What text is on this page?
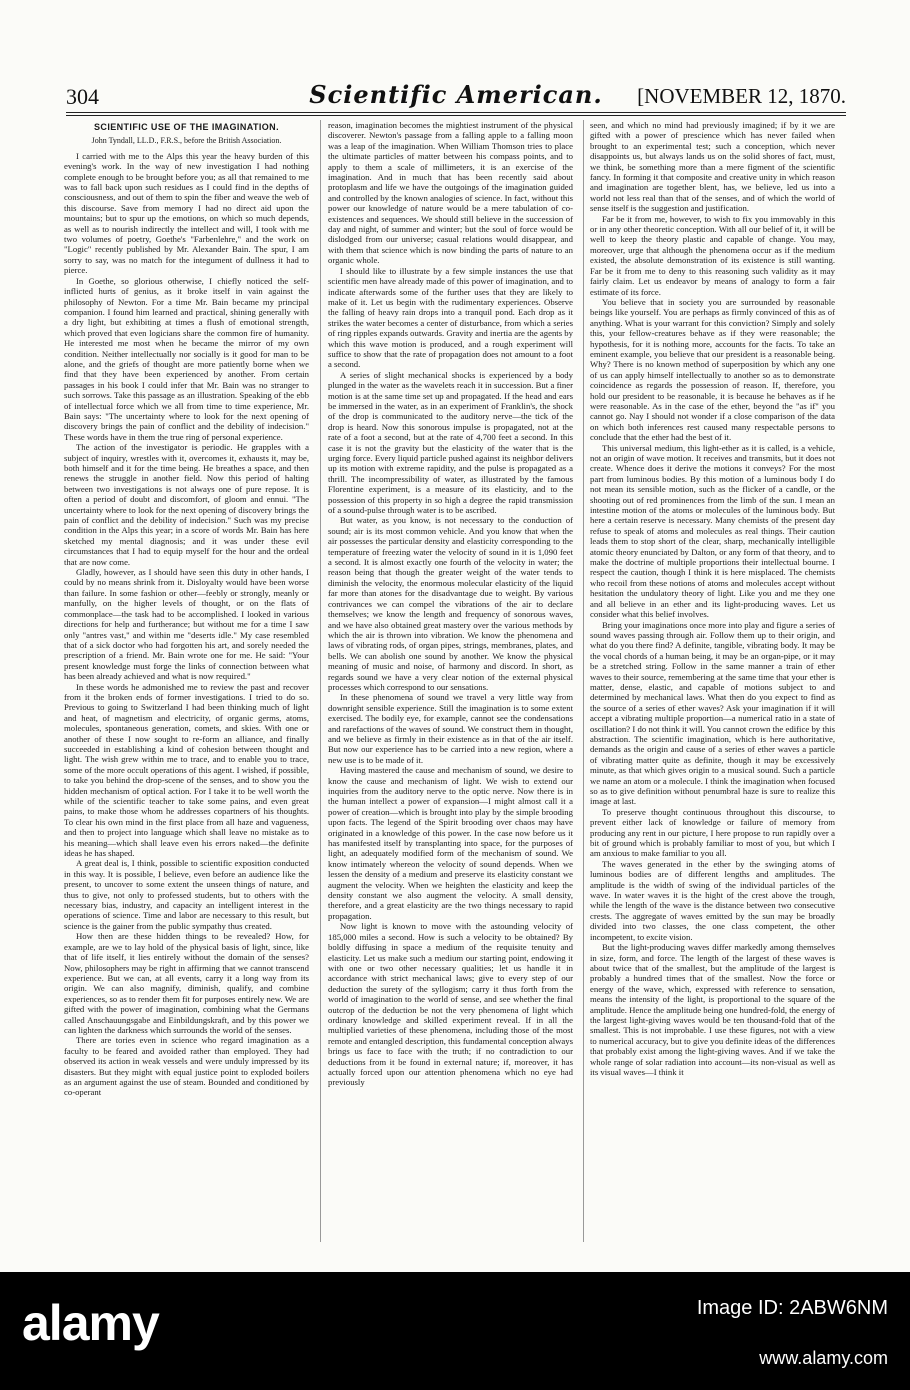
304	Scientific American.	[NOVEMBER 12, 1870.
SCIENTIFIC USE OF THE IMAGINATION.
John Tyndall, LL.D., F.R.S., before the British Association.

I carried with me to the Alps this year the heavy burden of this evening's work. In the way of new investigation I had nothing complete enough to be brought before you; as all that remained to me was to fall back upon such residues as I could find in the depths of consciousness, and out of them to spin the fiber and weave the web of this discourse. Save from memory I had no direct aid upon the mountains; but to spur up the emotions, on which so much depends, as well as to nourish indirectly the intellect and will, I took with me two volumes of poetry, Goethe's "Farbenlehre," and the work on "Logic" recently published by Mr. Alexander Bain. The spur, I am sorry to say, was no match for the integument of dullness it had to pierce.

In Goethe, so glorious otherwise, I chiefly noticed the self-inflicted hurts of genius, as it broke itself in vain against the philosophy of Newton. For a time Mr. Bain became my principal companion. I found him learned and practical, shining generally with a dry light, but exhibiting at times a flush of emotional strength, which proved that even logicians share the common fire of humanity. He interested me most when he became the mirror of my own condition. Neither intellectually nor socially is it good for man to be alone, and the griefs of thought are more patiently borne when we find that they have been experienced by another. From certain passages in his book I could infer that Mr. Bain was no stranger to such sorrows. Take this passage as an illustration. Speaking of the ebb of intellectual force which we all from time to time experience, Mr. Bain says: "The uncertainty where to look for the next opening of discovery brings the pain of conflict and the debility of indecision." These words have in them the true ring of personal experience.

The action of the investigator is periodic. He grapples with a subject of inquiry, wrestles with it, overcomes it, exhausts it, may be, both himself and it for the time being. He breathes a space, and then renews the struggle in another field. Now this period of halting between two investigations is not always one of pure repose. It is often a period of doubt and discomfort, of gloom and ennui. "The uncertainty where to look for the next opening of discovery brings the pain of conflict and the debility of indecision." Such was my precise condition in the Alps this year; in a score of words Mr. Bain has here sketched my mental diagnosis; and it was under these evil circumstances that I had to equip myself for the hour and the ordeal that are now come.

Gladly, however, as I should have seen this duty in other hands, I could by no means shrink from it. Disloyalty would have been worse than failure. In some fashion or other—feebly or strongly, meanly or manfully, on the higher levels of thought, or on the flats of commonplace—the task had to be accomplished. I looked in various directions for help and furtherance; but without me for a time I saw only "antres vast," and within me "deserts idle." My case resembled that of a sick doctor who had forgotten his art, and sorely needed the prescription of a friend. Mr. Bain wrote one for me. He said: "Your present knowledge must forge the links of connection between what has been already achieved and what is now required."

In these words he admonished me to review the past and recover from it the broken ends of former investigations. I tried to do so. Previous to going to Switzerland I had been thinking much of light and heat, of magnetism and electricity, of organic germs, atoms, molecules, spontaneous generation, comets, and skies. With one or another of these I now sought to re-form an alliance, and finally succeeded in establishing a kind of cohesion between thought and light. The wish grew within me to trace, and to enable you to trace, some of the more occult operations of this agent. I wished, if possible, to take you behind the drop-scene of the senses, and to show you the hidden mechanism of optical action. For I take it to be well worth the while of the scientific teacher to take some pains, and even great pains, to make those whom he addresses copartners of his thoughts. To clear his own mind in the first place from all haze and vagueness, and then to project into language which shall leave no mistake as to his meaning—which shall leave even his errors naked—the definite ideas he has shaped.

A great deal is, I think, possible to scientific exposition conducted in this way. It is possible, I believe, even before an audience like the present, to uncover to some extent the unseen things of nature, and thus to give, not only to professed students, but to others with the necessary bias, industry, and capacity an intelligent interest in the operations of science. Time and labor are necessary to this result, but science is the gainer from the public sympathy thus created.

How then are these hidden things to be revealed? How, for example, are we to lay hold of the physical basis of light, since, like that of life itself, it lies entirely without the domain of the senses? Now, philosophers may be right in affirming that we cannot transcend experience. But we can, at all events, carry it a long way from its origin. We can also magnify, diminish, qualify, and combine experiences, so as to render them fit for purposes entirely new. We are gifted with the power of imagination, combining what the Germans called Anschauungsgabe and Einbildungskraft, and by this power we can lighten the darkness which surrounds the world of the senses.

There are tories even in science who regard imagination as a faculty to be feared and avoided rather than employed. They had observed its action in weak vessels and were unduly impressed by its disasters. But they might with equal justice point to exploded boilers as an argument against the use of steam. Bounded and conditioned by co-operant

reason, imagination becomes the mightiest instrument of the physical discoverer. Newton's passage from a falling apple to a falling moon was a leap of the imagination. When William Thomson tries to place the ultimate particles of matter between his compass points, and to apply to them a scale of millimeters, it is an exercise of the imagination. And in much that has been recently said about protoplasm and life we have the outgoings of the imagination guided and controlled by the known analogies of science. In fact, without this power our knowledge of nature would be a mere tabulation of co-existences and sequences. We should still believe in the succession of day and night, of summer and winter; but the soul of force would be dislodged from our universe; casual relations would disappear, and with them that science which is now binding the parts of nature to an organic whole.

I should like to illustrate by a few simple instances the use that scientific men have already made of this power of imagination, and to indicate afterwards some of the further uses that they are likely to make of it. Let us begin with the rudimentary experiences. Observe the falling of heavy rain drops into a tranquil pond. Each drop as it strikes the water becomes a center of disturbance, from which a series of ring ripples expands outwards. Gravity and inertia are the agents by which this wave motion is produced, and a rough experiment will suffice to show that the rate of propagation does not amount to a foot a second.

A series of slight mechanical shocks is experienced by a body plunged in the water as the wavelets reach it in succession. But a finer motion is at the same time set up and propagated. If the head and ears be immersed in the water, as in an experiment of Franklin's, the shock of the drop is communicated to the auditory nerve—the tick of the drop is heard. Now this sonorous impulse is propagated, not at the rate of a foot a second, but at the rate of 4,700 feet a second. In this case it is not the gravity but the elasticity of the water that is the urging force. Every liquid particle pushed against its neighbor delivers up its motion with extreme rapidity, and the pulse is propagated as a thrill. The incompressibility of water, as illustrated by the famous Florentine experiment, is a measure of its elasticity, and to the possession of this property in so high a degree the rapid transmission of a sound-pulse through water is to be ascribed.

But water, as you know, is not necessary to the conduction of sound; air is its most common vehicle. And you know that when the air possesses the particular density and elasticity corresponding to the temperature of freezing water the velocity of sound in it is 1,090 feet a second. It is almost exactly one fourth of the velocity in water; the reason being that though the greater weight of the water tends to diminish the velocity, the enormous molecular elasticity of the liquid far more than atones for the disadvantage due to weight. By various contrivances we can compel the vibrations of the air to declare themselves; we know the length and frequency of sonorous waves, and we have also obtained great mastery over the various methods by which the air is thrown into vibration. We know the phenomena and laws of vibrating rods, of organ pipes, strings, membranes, plates, and bells. We can abolish one sound by another. We know the physical meaning of music and noise, of harmony and discord. In short, as regards sound we have a very clear notion of the external physical processes which correspond to our sensations.

In these phenomena of sound we travel a very little way from downright sensible experience. Still the imagination is to some extent exercised. The bodily eye, for example, cannot see the condensations and rarefactions of the waves of sound. We construct them in thought, and we believe as firmly in their existence as in that of the air itself. But now our experience has to be carried into a new region, where a new use is to be made of it.

Having mastered the cause and mechanism of sound, we desire to know the cause and mechanism of light. We wish to extend our inquiries from the auditory nerve to the optic nerve. Now there is in the human intellect a power of expansion—I might almost call it a power of creation—which is brought into play by the simple brooding upon facts. The legend of the Spirit brooding over chaos may have originated in a knowledge of this power. In the case now before us it has manifested itself by transplanting into space, for the purposes of light, an adequately modified form of the mechanism of sound. We know intimately whereon the velocity of sound depends. When we lessen the density of a medium and preserve its elasticity constant we augment the velocity. When we heighten the elasticity and keep the density constant we also augment the velocity. A small density, therefore, and a great elasticity are the two things necessary to rapid propagation.

Now light is known to move with the astounding velocity of 185,000 miles a second. How is such a velocity to be obtained? By boldly diffusing in space a medium of the requisite tenuity and elasticity. Let us make such a medium our starting point, endowing it with one or two other necessary qualities; let us handle it in accordance with strict mechanical laws; give to every step of our deduction the surety of the syllogism; carry it thus forth from the world of imagination to the world of sense, and see whether the final outcrop of the deduction be not the very phenomena of light which ordinary knowledge and skilled experiment reveal. If in all the multiplied varieties of these phenomena, including those of the most remote and entangled description, this fundamental conception always brings us face to face with the truth; if no contradiction to our deductions from it be found in external nature; if, moreover, it has actually forced upon our attention phenomena which no eye had previously

seen, and which no mind had previously imagined; if by it we are gifted with a power of prescience which has never failed when brought to an experimental test; such a conception, which never disappoints us, but always lands us on the solid shores of fact, must, we think, be something more than a mere figment of the scientific fancy. In forming it that composite and creative unity in which reason and imagination are together blent, has, we believe, led us into a world not less real than that of the senses, and of which the world of sense itself is the suggestion and justification.

Far be it from me, however, to wish to fix you immovably in this or in any other theoretic conception. With all our belief of it, it will be well to keep the theory plastic and capable of change. You may, moreover, urge that although the phenomena occur as if the medium existed, the absolute demonstration of its existence is still wanting. Far be it from me to deny to this reasoning such validity as it may fairly claim. Let us endeavor by means of analogy to form a fair estimate of its force.

You believe that in society you are surrounded by reasonable beings like yourself. You are perhaps as firmly convinced of this as of anything. What is your warrant for this conviction? Simply and solely this, your fellow-creatures behave as if they were reasonable; the hypothesis, for it is nothing more, accounts for the facts. To take an eminent example, you believe that our president is a reasonable being. Why? There is no known method of superposition by which any one of us can apply himself intellectually to another so as to demonstrate coincidence as regards the possession of reason. If, therefore, you hold our president to be reasonable, it is because he behaves as if he were reasonable. As in the case of the ether, beyond the "as if" you cannot go. Nay I should not wonder if a close comparison of the data on which both inferences rest caused many respectable persons to conclude that the ether had the best of it.

This universal medium, this light-ether as it is called, is a vehicle, not an origin of wave motion. It receives and transmits, but it does not create. Whence does it derive the motions it conveys? For the most part from luminous bodies. By this motion of a luminous body I do not mean its sensible motion, such as the flicker of a candle, or the shooting out of red prominences from the limb of the sun. I mean an intestine motion of the atoms or molecules of the luminous body. But here a certain reserve is necessary. Many chemists of the present day refuse to speak of atoms and molecules as real things. Their caution leads them to stop short of the clear, sharp, mechanically intelligible atomic theory enunciated by Dalton, or any form of that theory, and to make the doctrine of multiple proportions their intellectual bourne. I respect the caution, though I think it is here misplaced. The chemists who recoil from these notions of atoms and molecules accept without hesitation the undulatory theory of light. Like you and me they one and all believe in an ether and its light-producing waves. Let us consider what this belief involves.

Bring your imaginations once more into play and figure a series of sound waves passing through air. Follow them up to their origin, and what do you there find? A definite, tangible, vibrating body. It may be the vocal chords of a human being, it may be an organ-pipe, or it may be a stretched string. Follow in the same manner a train of ether waves to their source, remembering at the same time that your ether is matter, dense, elastic, and capable of motions subject to and determined by mechanical laws. What then do you expect to find as the source of a series of ether waves? Ask your imagination if it will accept a vibrating multiple proportion—a numerical ratio in a state of oscillation? I do not think it will. You cannot crown the edifice by this abstraction. The scientific imagination, which is here authoritative, demands as the origin and cause of a series of ether waves a particle of vibrating matter quite as definite, though it may be excessively minute, as that which gives origin to a musical sound. Such a particle we name an atom or a molecule. I think the imagination when focused so as to give definition without penumbral haze is sure to realize this image at last.

To preserve thought continuous throughout this discourse, to prevent either lack of knowledge or failure of memory from producing any rent in our picture, I here propose to run rapidly over a bit of ground which is probably familiar to most of you, but which I am anxious to make familiar to you all.

The waves generated in the ether by the swinging atoms of luminous bodies are of different lengths and amplitudes. The amplitude is the width of swing of the individual particles of the wave. In water waves it is the hight of the crest above the trough, while the length of the wave is the distance between two consecutive crests. The aggregate of waves emitted by the sun may be broadly divided into two classes, the one class competent, the other incompetent, to excite vision.

But the light-producing waves differ markedly among themselves in size, form, and force. The length of the largest of these waves is about twice that of the smallest, but the amplitude of the largest is probably a hundred times that of the smallest. Now the force or energy of the wave, which, expressed with reference to sensation, means the intensity of the light, is proportional to the square of the amplitude. Hence the amplitude being one hundred-fold, the energy of the largest light-giving waves would be ten thousand-fold that of the smallest. This is not improbable. I use these figures, not with a view to numerical accuracy, but to give you definite ideas of the differences that probably exist among the light-giving waves. And if we take the whole range of solar radiation into account—its non-visual as well as its visual waves—I think it

alamy	Image ID: 2ABW6NM
www.alamy.com
